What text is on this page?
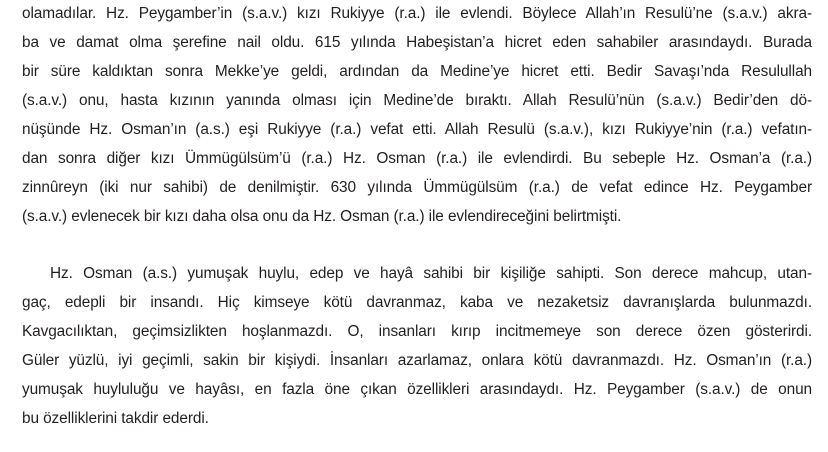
olamadılar. Hz. Peygamber’in (s.a.v.) kızı Rukiyye (r.a.) ile evlendi. Böylece Allah’ın Resulü’ne (s.a.v.) akra-
ba ve damat olma şerefine nail oldu. 615 yılında Habeşistan’a hicret eden sahabiler arasındaydı. Burada
bir süre kaldıktan sonra Mekke’ye geldi, ardından da Medine’ye hicret etti. Bedir Savaşı’nda Resulullah
(s.a.v.) onu, hasta kızının yanında olması için Medine’de bıraktı. Allah Resulü’nün (s.a.v.) Bedir’den dö-
nüşünde Hz. Osman’ın (a.s.) eşi Rukiyye (r.a.) vefat etti. Allah Resulü (s.a.v.), kızı Rukiyye’nin (r.a.) vefatın-
dan sonra diğer kızı Ümmügülsüm’ü (r.a.) Hz. Osman (r.a.) ile evlendirdi. Bu sebeple Hz. Osman’a (r.a.)
zinnûreyn (iki nur sahibi) de denilmiştir. 630 yılında Ümmügülsüm (r.a.) de vefat edince Hz. Peygamber
(s.a.v.) evlenecek bir kızı daha olsa onu da Hz. Osman (r.a.) ile evlendireceğini belirtmişti.
Hz. Osman (a.s.) yumuşak huylu, edep ve hayâ sahibi bir kişiliğe sahipti. Son derece mahcup, utan-
gaç, edepli bir insandı. Hiç kimseye kötü davranmaz, kaba ve nezaketsiz davranışlarda bulunmazdı.
Kavgacılıktan, geçimsizlikten hoşlanmazdı. O, insanları kırıp incitmemeye son derece özen gösterirdi.
Güler yüzlü, iyi geçimli, sakin bir kişiydi. İnsanları azarlamaz, onlara kötü davranmazdı. Hz. Osman’ın (r.a.)
yumuşak huyluluğu ve hayâsı, en fazla öne çıkan özellikleri arasındaydı. Hz. Peygamber (s.a.v.) de onun
bu özelliklerini takdir ederdi.
